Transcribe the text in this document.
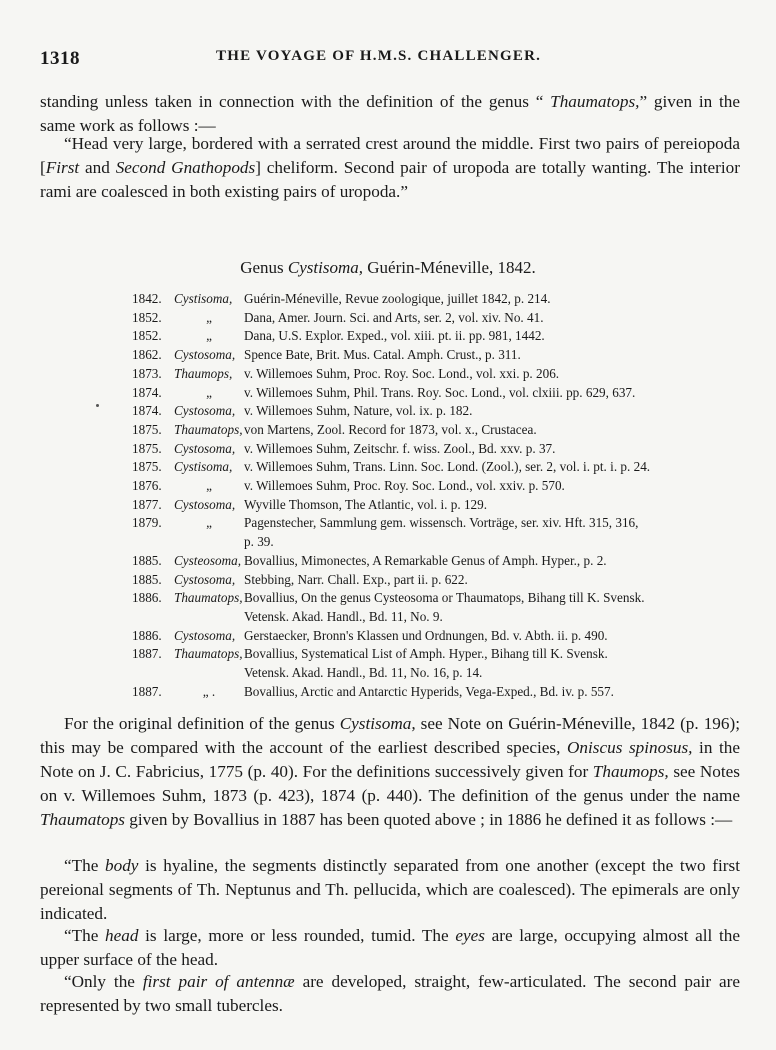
1318	THE VOYAGE OF H.M.S. CHALLENGER.

standing unless taken in connection with the definition of the genus “ Thaumatops,” given in the same work as follows :—

“Head very large, bordered with a serrated crest around the middle. First two pairs of pereiopoda [First and Second Gnathopods] cheliform. Second pair of uropoda are totally wanting. The interior rami are coalesced in both existing pairs of uropoda.”

Genus Cystisoma, Guérin-Méneville, 1842.
1842. Cystisoma, Guérin-Méneville, Revue zoologique, juillet 1842, p. 214.
1852.	„	Dana, Amer. Journ. Sci. and Arts, ser. 2, vol. xiv. No. 41.
1852.	„	Dana, U.S. Explor. Exped., vol. xiii. pt. ii. pp. 981, 1442.
1862. Cystosoma, Spence Bate, Brit. Mus. Catal. Amph. Crust., p. 311.
1873. Thaumops, v. Willemoes Suhm, Proc. Roy. Soc. Lond., vol. xxi. p. 206.
1874.	„	v. Willemoes Suhm, Phil. Trans. Roy. Soc. Lond., vol. clxiii. pp. 629, 637.
1874. Cystosoma, v. Willemoes Suhm, Nature, vol. ix. p. 182.
1875. Thaumatops, von Martens, Zool. Record for 1873, vol. x., Crustacea.
1875. Cystosoma, v. Willemoes Suhm, Zeitschr. f. wiss. Zool., Bd. xxv. p. 37.
1875. Cystisoma, v. Willemoes Suhm, Trans. Linn. Soc. Lond. (Zool.), ser. 2, vol. i. pt. i. p. 24.
1876.	„	v. Willemoes Suhm, Proc. Roy. Soc. Lond., vol. xxiv. p. 570.
1877. Cystosoma, Wyville Thomson, The Atlantic, vol. i. p. 129.
1879.	„	Pagenstecher, Sammlung gem. wissensch. Vorträge, ser. xiv. Hft. 315, 316,
p. 39.
1885. Cysteosoma, Bovallius, Mimonectes, A Remarkable Genus of Amph. Hyper., p. 2.
1885. Cystosoma, Stebbing, Narr. Chall. Exp., part ii. p. 622.
1886. Thaumatops, Bovallius, On the genus Cysteosoma or Thaumatops, Bihang till K. Svensk.
Vetensk. Akad. Handl., Bd. 11, No. 9.
1886. Cystosoma, Gerstaecker, Bronn's Klassen und Ordnungen, Bd. v. Abth. ii. p. 490.
1887. Thaumatops, Bovallius, Systematical List of Amph. Hyper., Bihang till K. Svensk.
Vetensk. Akad. Handl., Bd. 11, No. 16, p. 14.
1887.	„ .	Bovallius, Arctic and Antarctic Hyperids, Vega-Exped., Bd. iv. p. 557.

For the original definition of the genus Cystisoma, see Note on Guérin-Méneville, 1842 (p. 196); this may be compared with the account of the earliest described species, Oniscus spinosus, in the Note on J. C. Fabricius, 1775 (p. 40). For the definitions successively given for Thaumops, see Notes on v. Willemoes Suhm, 1873 (p. 423), 1874 (p. 440). The definition of the genus under the name Thaumatops given by Bovallius in 1887 has been quoted above ; in 1886 he defined it as follows :—

“The body is hyaline, the segments distinctly separated from one another (except the two first pereional segments of Th. Neptunus and Th. pellucida, which are coalesced). The epimerals are only indicated.

“The head is large, more or less rounded, tumid. The eyes are large, occupying almost all the upper surface of the head.

“Only the first pair of antennæ are developed, straight, few-articulated. The second pair are represented by two small tubercles.
